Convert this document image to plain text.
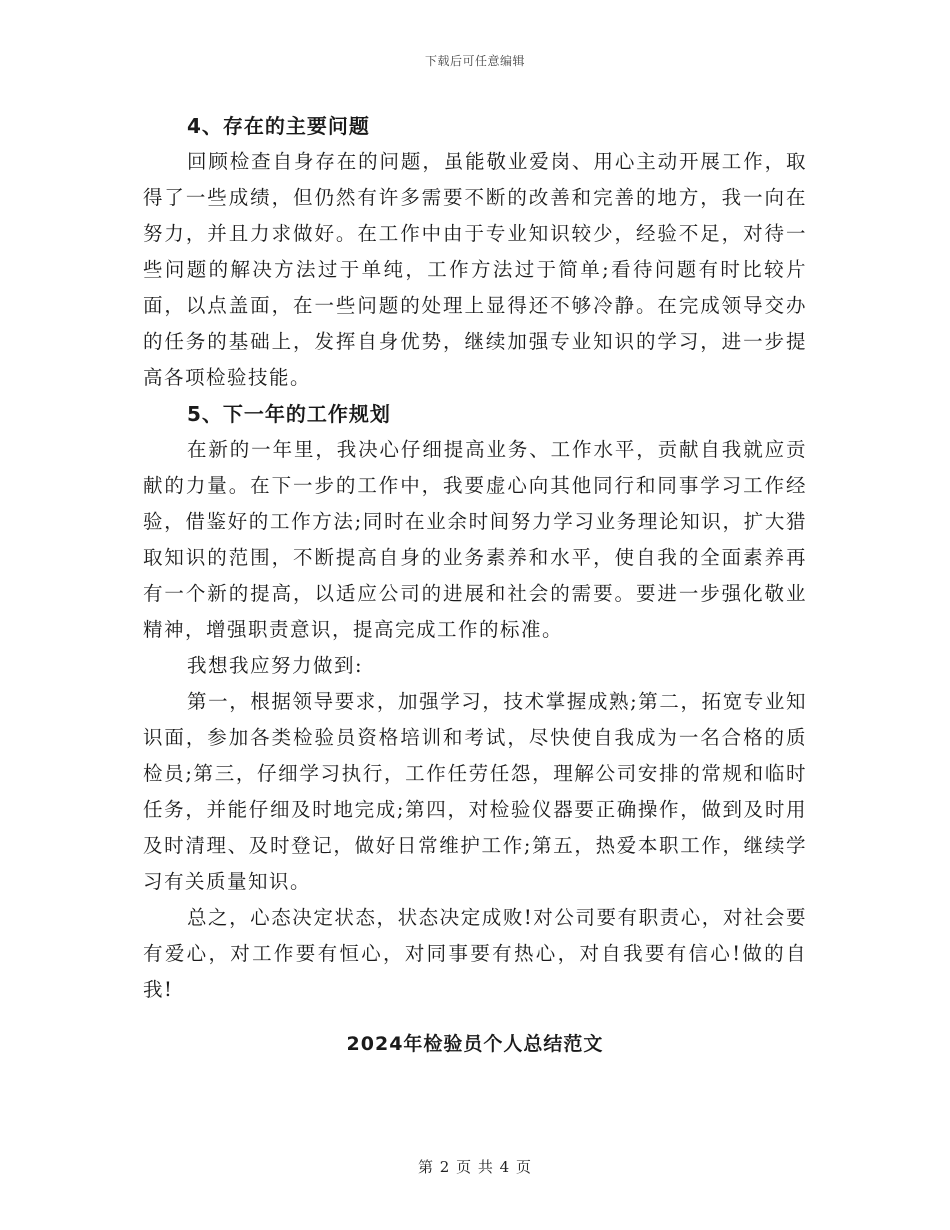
下载后可任意编辑
4、存在的主要问题

回顾检查自身存在的问题，虽能敬业爱岗、用心主动开展工作，取得了一些成绩，但仍然有许多需要不断的改善和完善的地方，我一向在努力，并且力求做好。在工作中由于专业知识较少，经验不足，对待一些问题的解决方法过于单纯，工作方法过于简单;看待问题有时比较片面，以点盖面，在一些问题的处理上显得还不够冷静。在完成领导交办的任务的基础上，发挥自身优势，继续加强专业知识的学习，进一步提高各项检验技能。

5、下一年的工作规划

在新的一年里，我决心仔细提高业务、工作水平，贡献自我就应贡献的力量。在下一步的工作中，我要虚心向其他同行和同事学习工作经验，借鉴好的工作方法;同时在业余时间努力学习业务理论知识，扩大猎取知识的范围，不断提高自身的业务素养和水平，使自我的全面素养再有一个新的提高，以适应公司的进展和社会的需要。要进一步强化敬业精神，增强职责意识，提高完成工作的标准。

我想我应努力做到:

第一，根据领导要求，加强学习，技术掌握成熟;第二，拓宽专业知识面，参加各类检验员资格培训和考试，尽快使自我成为一名合格的质检员;第三，仔细学习执行，工作任劳任怨，理解公司安排的常规和临时任务，并能仔细及时地完成;第四，对检验仪器要正确操作，做到及时用及时清理、及时登记，做好日常维护工作;第五，热爱本职工作，继续学习有关质量知识。

总之，心态决定状态，状态决定成败!对公司要有职责心，对社会要有爱心，对工作要有恒心，对同事要有热心，对自我要有信心!做的自我!

2024年检验员个人总结范文
第 2 页 共 4 页
